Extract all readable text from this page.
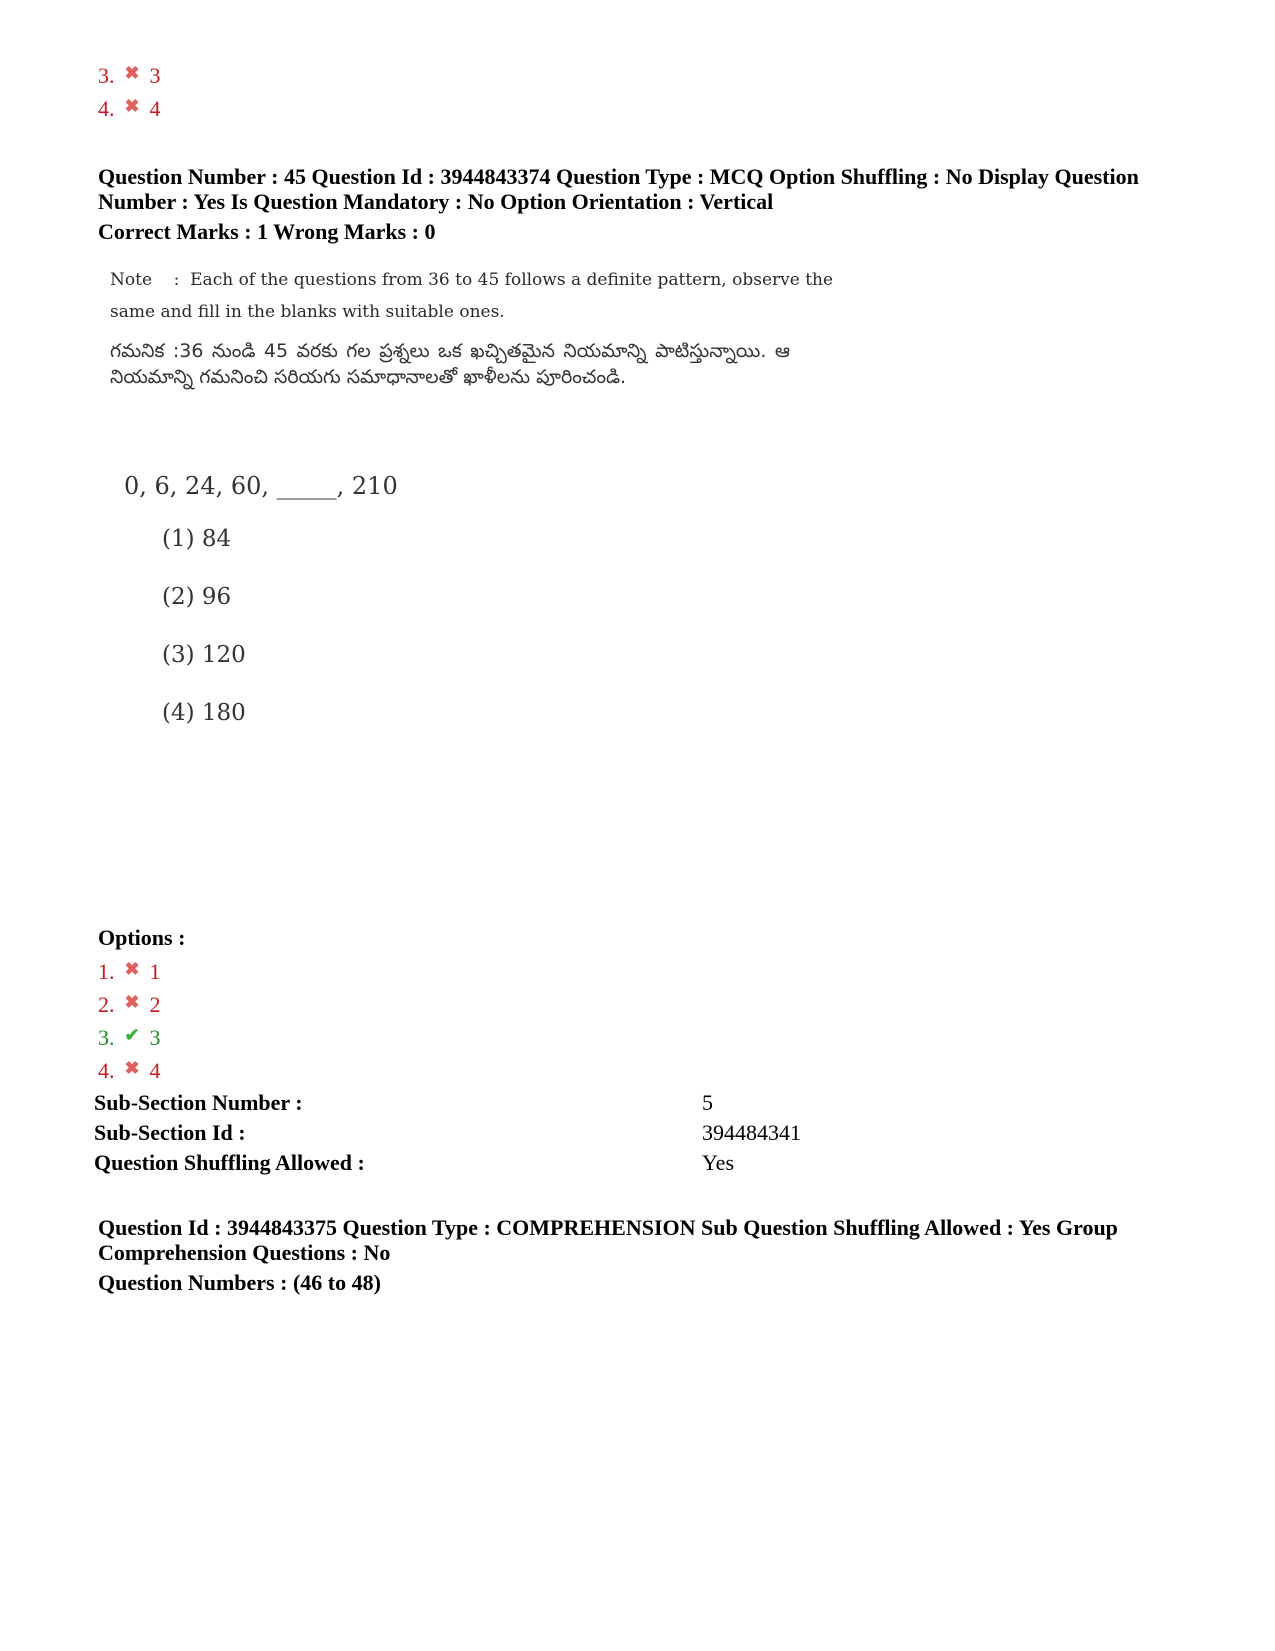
3. ✖ 3
4. ✖ 4
Question Number : 45 Question Id : 3944843374 Question Type : MCQ Option Shuffling : No Display Question
Number : Yes Is Question Mandatory : No Option Orientation : Vertical
Correct Marks : 1 Wrong Marks : 0
Note    :  Each of the questions from 36 to 45 follows a definite pattern, observe the
same and fill in the blanks with suitable ones.
గమనిక :36 నుండి 45 వరకు గల ప్రశ్నలు ఒక ఖచ్చితమైన నియమాన్ని పాటిస్తున్నాయి. ఆ నియమాన్ని గమనించి సరియగు సమాధానాలతో ఖాళీలను పూరించండి.
0, 6, 24, 60, _____, 210
(1) 84
(2) 96
(3) 120
(4) 180
Options :
1. ✖ 1
2. ✖ 2
3. ✔ 3
4. ✖ 4
Sub-Section Number :	5
Sub-Section Id :	394484341
Question Shuffling Allowed :	Yes
Question Id : 3944843375 Question Type : COMPREHENSION Sub Question Shuffling Allowed : Yes Group
Comprehension Questions : No
Question Numbers : (46 to 48)
